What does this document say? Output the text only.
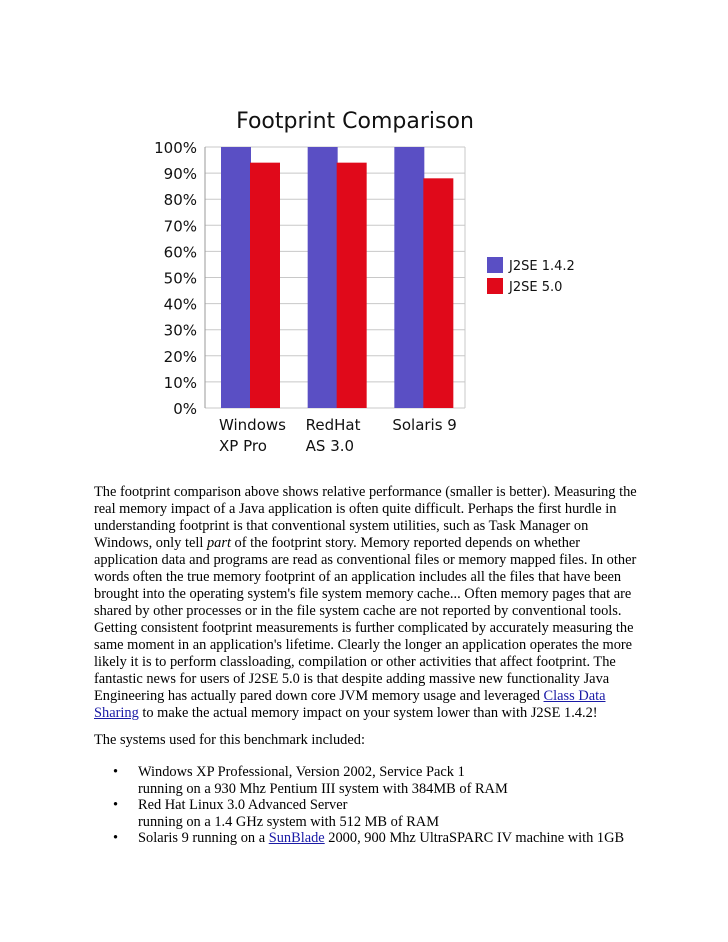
Footprint Comparison
100%
90%
80%
70%
60%
50%
40%
30%
20%
10%
0%
Windows
XP Pro
RedHat
AS 3.0
Solaris 9
J2SE 1.4.2
J2SE 5.0

The footprint comparison above shows relative performance (smaller is better). Measuring the real memory impact of a Java application is often quite difficult. Perhaps the first hurdle in understanding footprint is that conventional system utilities, such as Task Manager on Windows, only tell part of the footprint story. Memory reported depends on whether application data and programs are read as conventional files or memory mapped files. In other words often the true memory footprint of an application includes all the files that have been brought into the operating system's file system memory cache... Often memory pages that are shared by other processes or in the file system cache are not reported by conventional tools. Getting consistent footprint measurements is further complicated by accurately measuring the same moment in an application's lifetime. Clearly the longer an application operates the more likely it is to perform classloading, compilation or other activities that affect footprint. The fantastic news for users of J2SE 5.0 is that despite adding massive new functionality Java Engineering has actually pared down core JVM memory usage and leveraged Class Data Sharing to make the actual memory impact on your system lower than with J2SE 1.4.2!

The systems used for this benchmark included:

• Windows XP Professional, Version 2002, Service Pack 1
running on a 930 Mhz Pentium III system with 384MB of RAM
• Red Hat Linux 3.0 Advanced Server
running on a 1.4 GHz system with 512 MB of RAM
• Solaris 9 running on a SunBlade 2000, 900 Mhz UltraSPARC IV machine with 1GB
